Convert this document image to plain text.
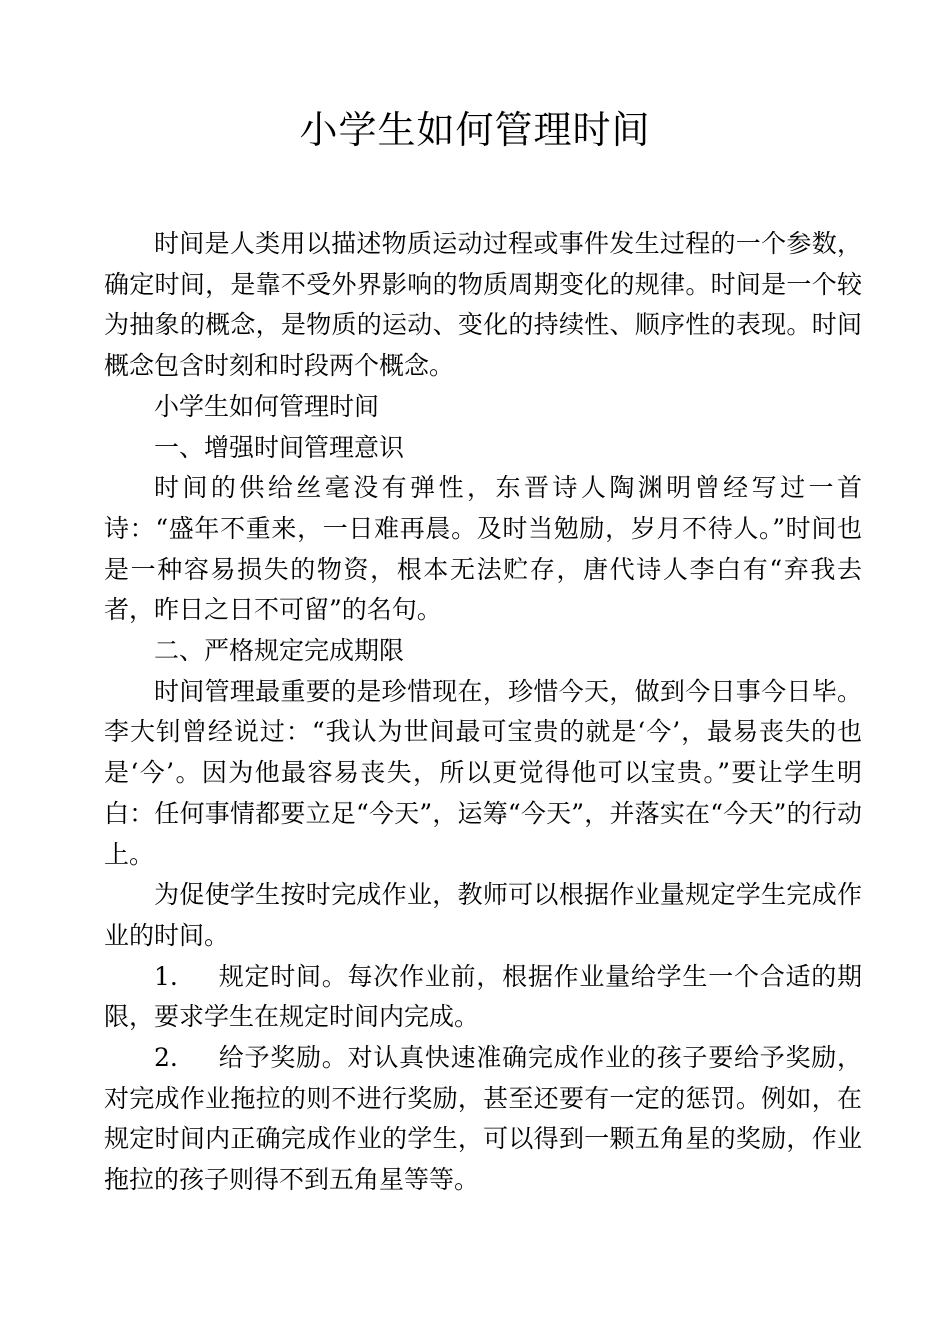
小学生如何管理时间

时间是人类用以描述物质运动过程或事件发生过程的一个参数，确定时间，是靠不受外界影响的物质周期变化的规律。时间是一个较为抽象的概念，是物质的运动、变化的持续性、顺序性的表现。时间概念包含时刻和时段两个概念。

小学生如何管理时间

一、增强时间管理意识

时间的供给丝毫没有弹性，东晋诗人陶渊明曾经写过一首诗：“盛年不重来，一日难再晨。及时当勉励，岁月不待人。”时间也是一种容易损失的物资，根本无法贮存，唐代诗人李白有“弃我去者，昨日之日不可留”的名句。

二、严格规定完成期限

时间管理最重要的是珍惜现在，珍惜今天，做到今日事今日毕。李大钊曾经说过：“我认为世间最可宝贵的就是‘今’，最易丧失的也是‘今’。因为他最容易丧失，所以更觉得他可以宝贵。”要让学生明白：任何事情都要立足“今天”，运筹“今天”，并落实在“今天”的行动上。

为促使学生按时完成作业，教师可以根据作业量规定学生完成作业的时间。

1. 规定时间。每次作业前，根据作业量给学生一个合适的期限，要求学生在规定时间内完成。

2. 给予奖励。对认真快速准确完成作业的孩子要给予奖励，对完成作业拖拉的则不进行奖励，甚至还要有一定的惩罚。例如，在规定时间内正确完成作业的学生，可以得到一颗五角星的奖励，作业拖拉的孩子则得不到五角星等等。
